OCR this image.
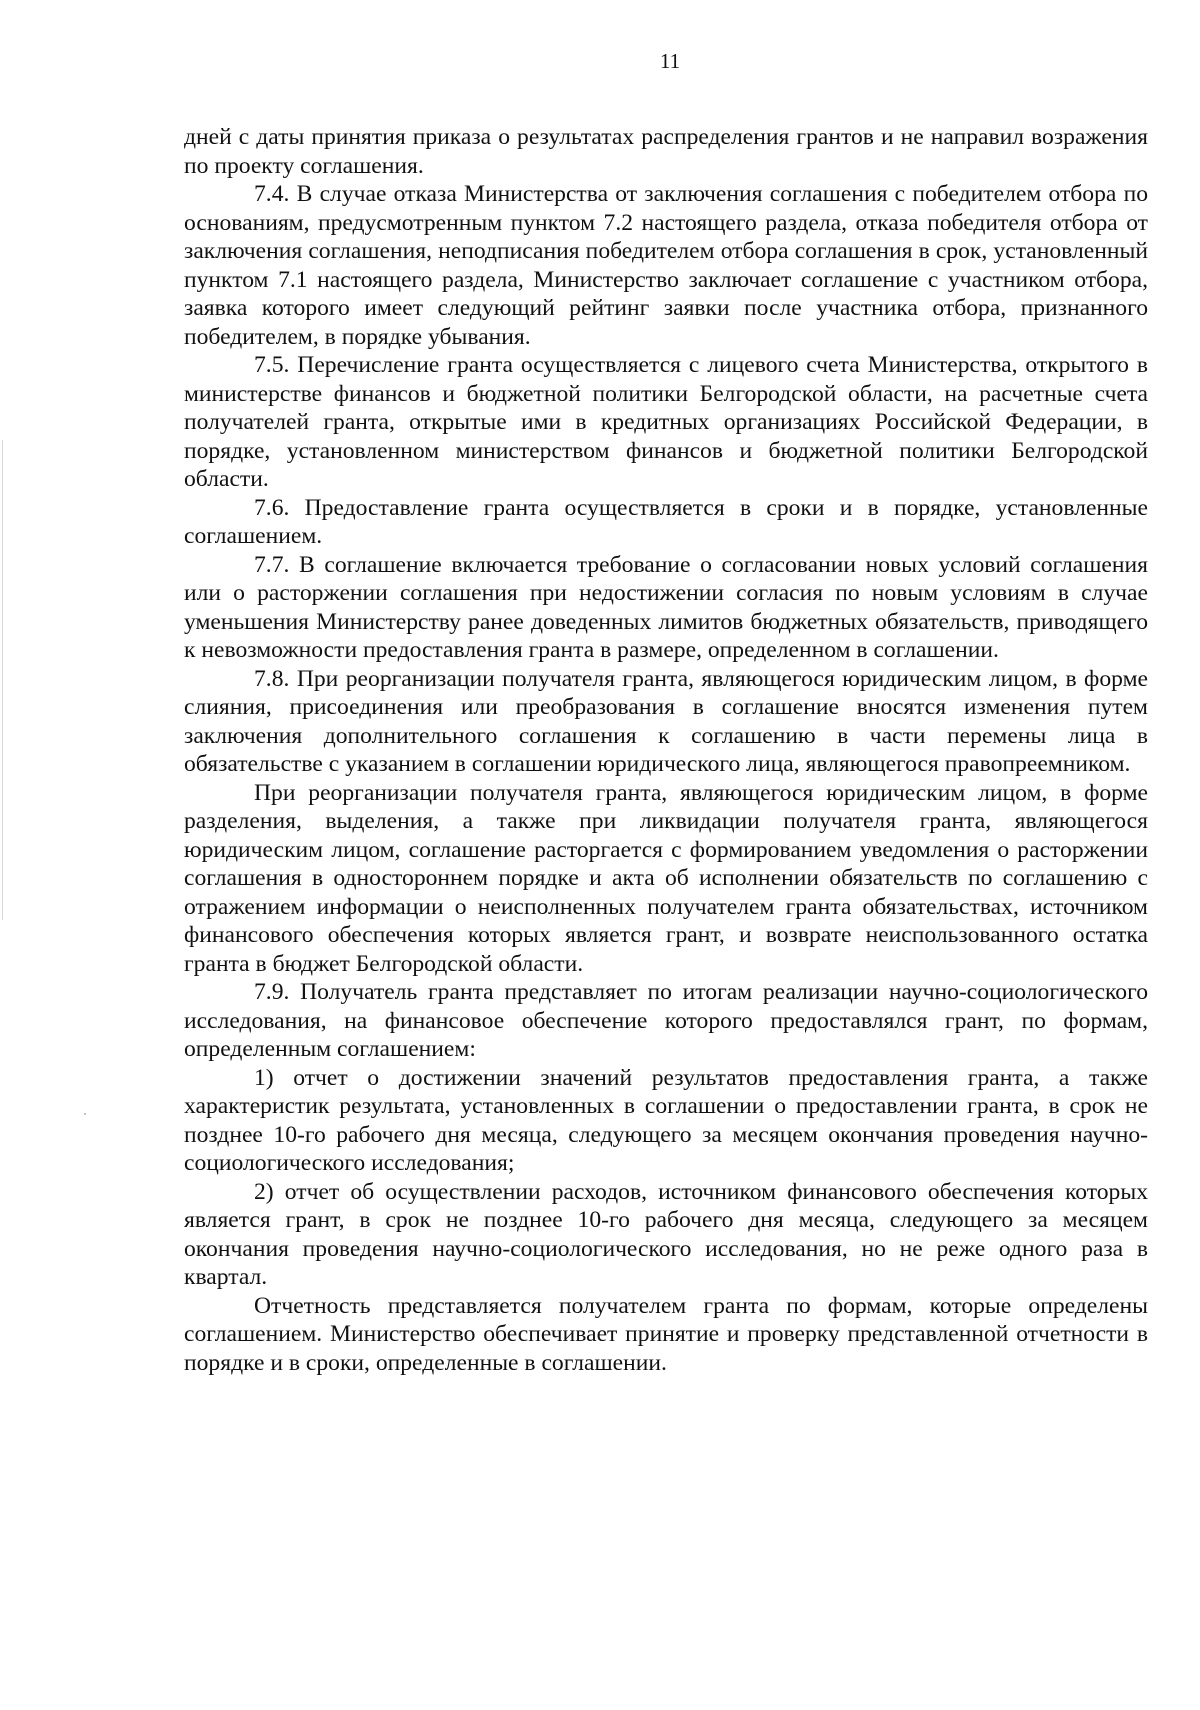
11

дней с даты принятия приказа о результатах распределения грантов и не направил возражения по проекту соглашения.

7.4. В случае отказа Министерства от заключения соглашения с победителем отбора по основаниям, предусмотренным пунктом 7.2 настоящего раздела, отказа победителя отбора от заключения соглашения, неподписания победителем отбора соглашения в срок, установленный пунктом 7.1 настоящего раздела, Министерство заключает соглашение с участником отбора, заявка которого имеет следующий рейтинг заявки после участника отбора, признанного победителем, в порядке убывания.

7.5. Перечисление гранта осуществляется с лицевого счета Министерства, открытого в министерстве финансов и бюджетной политики Белгородской области, на расчетные счета получателей гранта, открытые ими в кредитных организациях Российской Федерации, в порядке, установленном министерством финансов и бюджетной политики Белгородской области.

7.6. Предоставление гранта осуществляется в сроки и в порядке, установленные соглашением.

7.7. В соглашение включается требование о согласовании новых условий соглашения или о расторжении соглашения при недостижении согласия по новым условиям в случае уменьшения Министерству ранее доведенных лимитов бюджетных обязательств, приводящего к невозможности предоставления гранта в размере, определенном в соглашении.

7.8. При реорганизации получателя гранта, являющегося юридическим лицом, в форме слияния, присоединения или преобразования в соглашение вносятся изменения путем заключения дополнительного соглашения к соглашению в части перемены лица в обязательстве с указанием в соглашении юридического лица, являющегося правопреемником.

При реорганизации получателя гранта, являющегося юридическим лицом, в форме разделения, выделения, а также при ликвидации получателя гранта, являющегося юридическим лицом, соглашение расторгается с формированием уведомления о расторжении соглашения в одностороннем порядке и акта об исполнении обязательств по соглашению с отражением информации о неисполненных получателем гранта обязательствах, источником финансового обеспечения которых является грант, и возврате неиспользованного остатка гранта в бюджет Белгородской области.

7.9. Получатель гранта представляет по итогам реализации научно-социологического исследования, на финансовое обеспечение которого предоставлялся грант, по формам, определенным соглашением:

1) отчет о достижении значений результатов предоставления гранта, а также характеристик результата, установленных в соглашении о предоставлении гранта, в срок не позднее 10-го рабочего дня месяца, следующего за месяцем окончания проведения научно-социологического исследования;

2) отчет об осуществлении расходов, источником финансового обеспечения которых является грант, в срок не позднее 10-го рабочего дня месяца, следующего за месяцем окончания проведения научно-социологического исследования, но не реже одного раза в квартал.

Отчетность представляется получателем гранта по формам, которые определены соглашением. Министерство обеспечивает принятие и проверку представленной отчетности в порядке и в сроки, определенные в соглашении.
